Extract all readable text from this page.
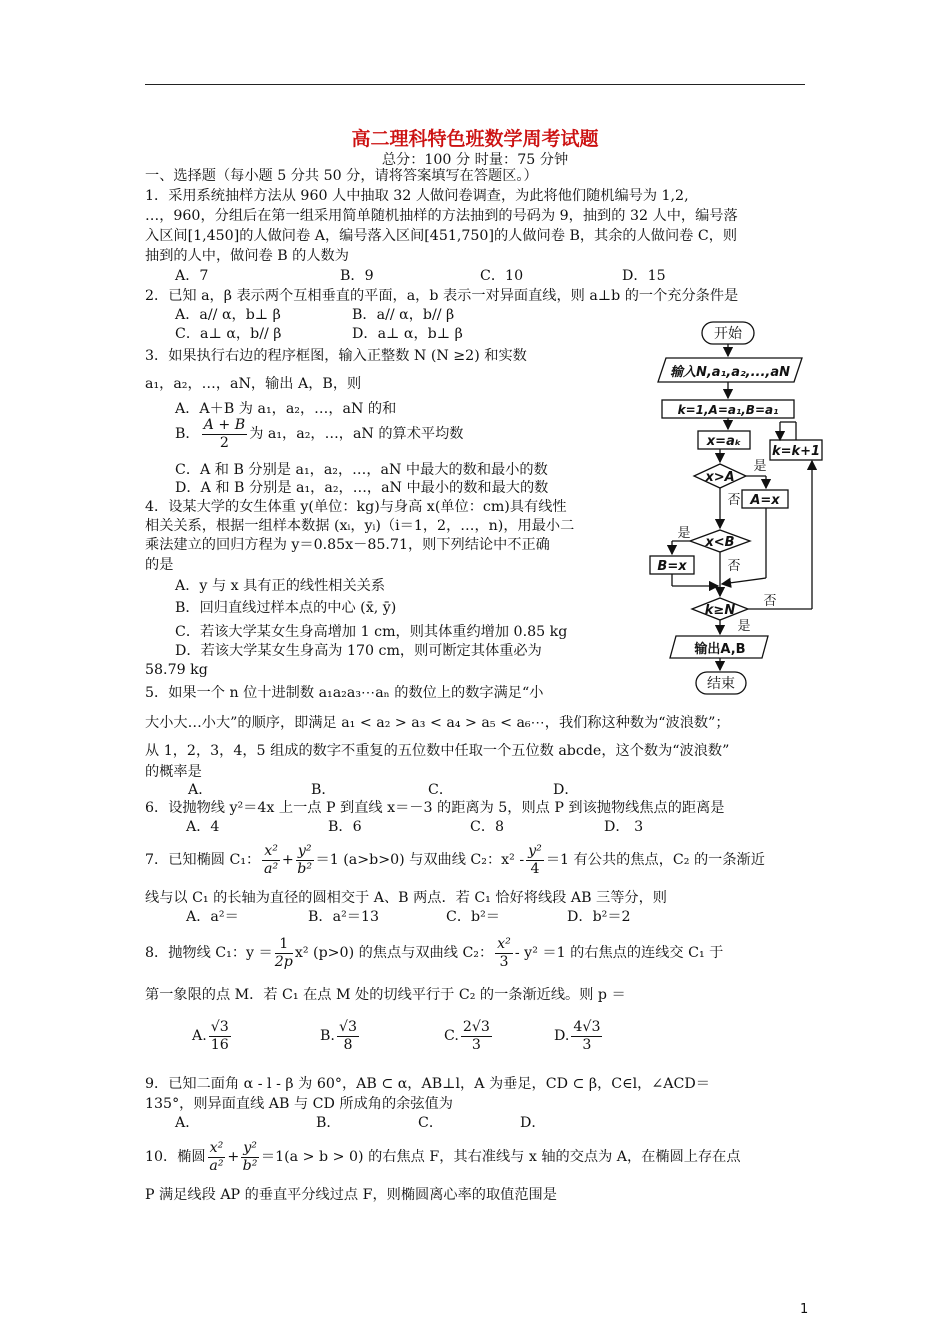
高二理科特色班数学周考试题
总分：100 分 时量：75 分钟
一、选择题（每小题 5 分共 50 分，请将答案填写在答题区。）
1．采用系统抽样方法从 960 人中抽取 32 人做问卷调查，为此将他们随机编号为 1,2,
…，960，分组后在第一组采用简单随机抽样的方法抽到的号码为 9，抽到的 32 人中，编号落
入区间[1,450]的人做问卷 A，编号落入区间[451,750]的人做问卷 B，其余的人做问卷 C，则
抽到的人中，做问卷 B 的人数为
A．7	B．9	C．10	D．15
2．已知 a，β 表示两个互相垂直的平面，a，b 表示一对异面直线，则 a⊥b 的一个充分条件是
A．a// α，b⊥ β	B．a// α，b// β
C．a⊥ α，b// β	D．a⊥ α，b⊥ β
3．如果执行右边的程序框图，输入正整数 N (N ≥2) 和实数
a₁，a₂，…，aN，输出 A，B，则
A．A＋B 为 a₁，a₂，…，aN 的和
B． $\frac{A + B}{2}$ 为 a₁，a₂，…，aN 的算术平均数
C．A 和 B 分别是 a₁，a₂，…，aN 中最大的数和最小的数
D．A 和 B 分别是 a₁，a₂，…，aN 中最小的数和最大的数
4．设某大学的女生体重 y(单位：kg)与身高 x(单位：cm)具有线性
相关关系，根据一组样本数据 (xᵢ，yᵢ)（i＝1，2，…，n)，用最小二
乘法建立的回归方程为 y＝0.85x－85.71，则下列结论中不正确
的是
A．y 与 x 具有正的线性相关关系
B．回归直线过样本点的中心 (x̄, ȳ)
C．若该大学某女生身高增加 1 cm，则其体重约增加 0.85 kg
D．若该大学某女生身高为 170 cm，则可断定其体重必为
58.79 kg
5．如果一个 n 位十进制数 a₁a₂a₃⋯aₙ 的数位上的数字满足“小
大小大…小大”的顺序，即满足 a₁ < a₂ > a₃ < a₄ > a₅ < a₆⋯，我们称这种数为“波浪数”；
从 1，2，3，4，5 组成的数字不重复的五位数中任取一个五位数 abcde，这个数为“波浪数”
的概率是
A．	B．	C．	D．
6．设抛物线 y²＝4x 上一点 P 到直线 x＝－3 的距离为 5，则点 P 到该抛物线焦点的距离是
A．4	B．6	C．8	D． 3
7．已知椭圆 C₁： $\frac{\text{x²}}{\text{a²}} + \frac{\text{y²}}{\text{b²}} =1$ (a>b>0) 与双曲线 C₂：$x^2 - \frac{\text{y²}}{4} =1$ 有公共的焦点，C₂ 的一条渐近
线与以 C₁ 的长轴为直径的圆相交于 A、B 两点．若 C₁ 恰好将线段 AB 三等分，则
A．a²＝	B．a²＝13	C．b²＝	D．b²＝2
8．抛物线 C₁：$y = \frac{1}{2p} x^2$ (p>0) 的焦点与双曲线 C₂： $\frac{\text{x²}}{3} - y^2 =1$ 的右焦点的连线交 C₁ 于
第一象限的点 M．若 C₁ 在点 M 处的切线平行于 C₂ 的一条渐近线。则 p ＝
A. $\frac{√3}{16}$	B. $\frac{√3}{8}$	C. $\frac{2√3}{3}$	D. $\frac{4√3}{3}$
9．已知二面角 α - l - β 为 60°，AB ⊂ α，AB⊥l，A 为垂足，CD ⊂ β，C∈l，∠ACD＝
135°，则异面直线 AB 与 CD 所成角的余弦值为
A．	B．	C．	D．
10．椭圆 $\frac{\text{x²}}{\text{a²}} + \frac{\text{y²}}{\text{b²}} =1(a > b > 0)$ 的右焦点 F，其右准线与 x 轴的交点为 A，在椭圆上存在点
P 满足线段 AP 的垂直平分线过点 F，则椭圆离心率的取值范围是
开始
输入N,a₁,a₂,...,aN
k=1,A=a₁,B=a₁
x=aₖ
k=k+1
x>A
是
否 A=x
x<B
是
否
B=x
k≥N
否
是
输出A,B
结束
1
